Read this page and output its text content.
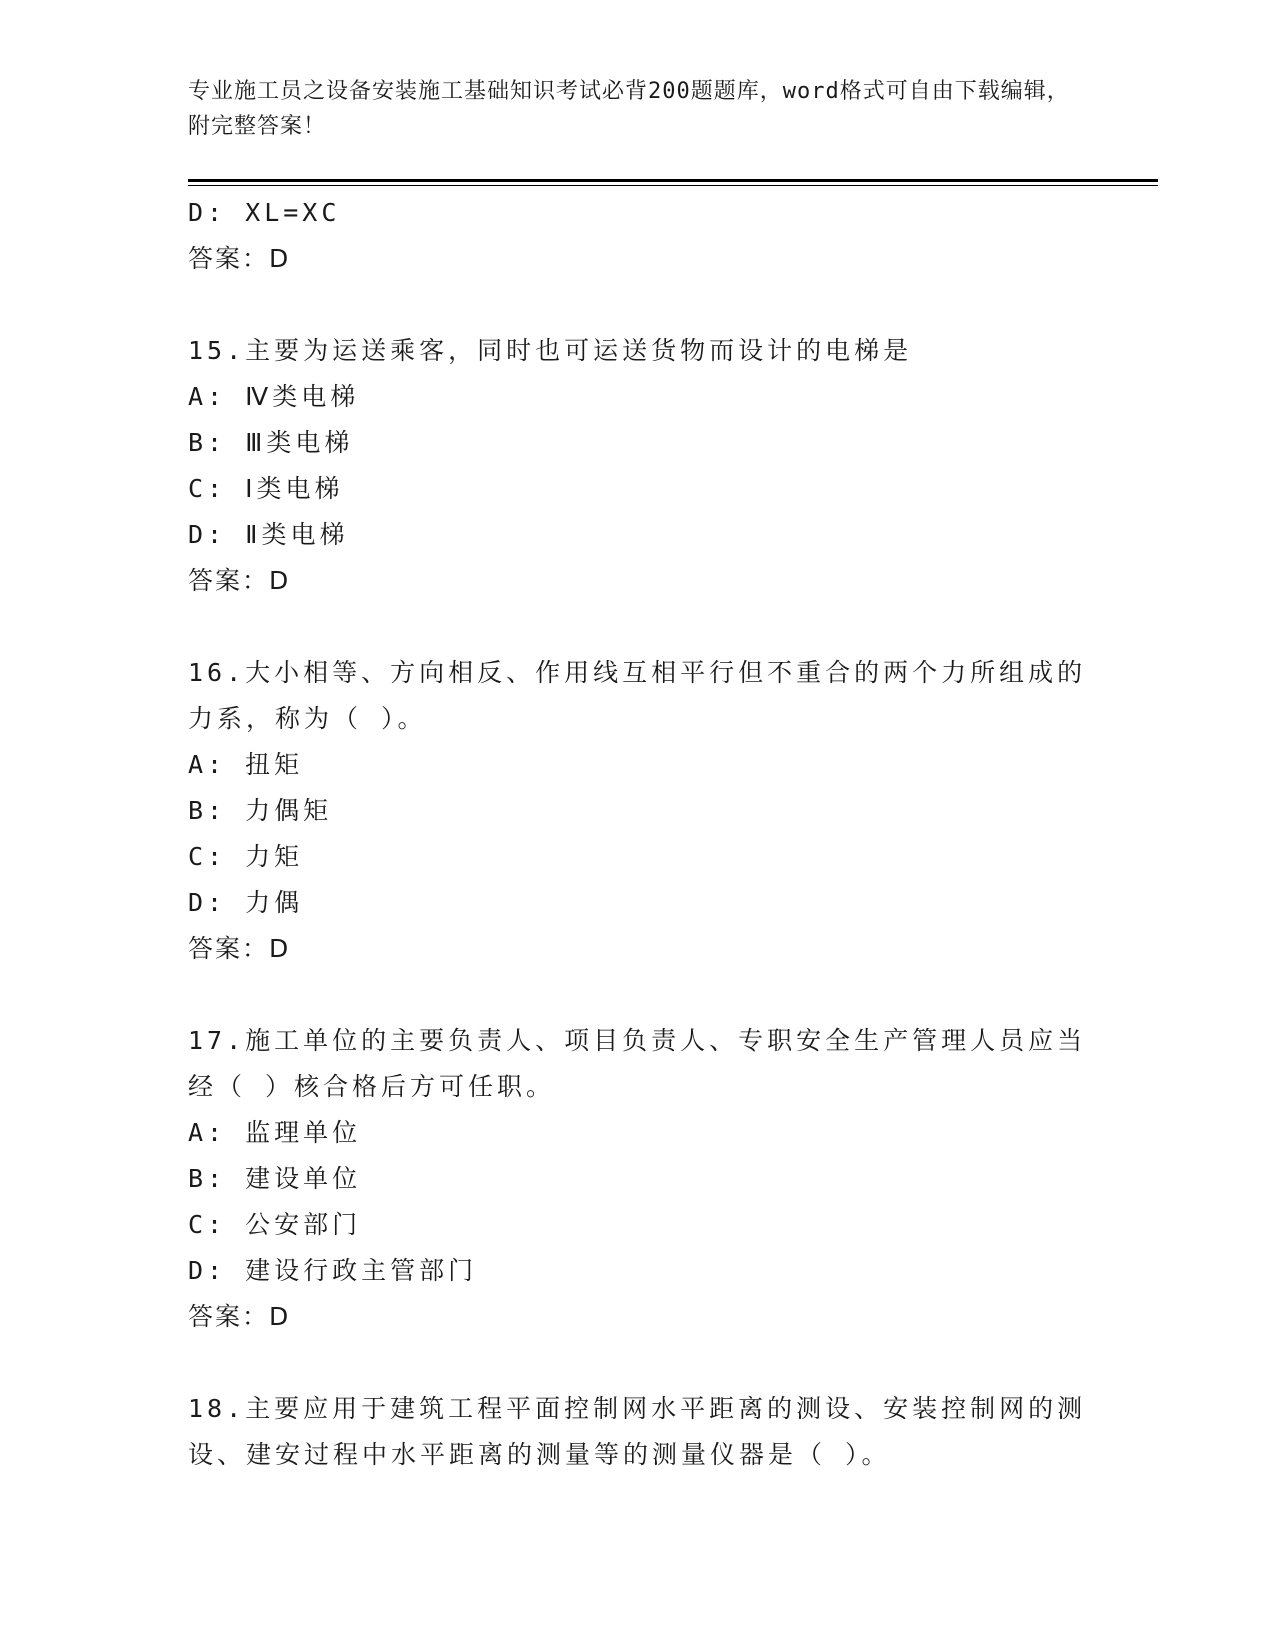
专业施工员之设备安装施工基础知识考试必背200题题库，word格式可自由下载编辑，附完整答案！
D: XL=XC
答案：D
15.主要为运送乘客，同时也可运送货物而设计的电梯是
A: Ⅳ类电梯
B: Ⅲ类电梯
C: Ⅰ类电梯
D: Ⅱ类电梯
答案：D
16.大小相等、方向相反、作用线互相平行但不重合的两个力所组成的力系，称为（ ）。
A: 扭矩
B: 力偶矩
C: 力矩
D: 力偶
答案：D
17.施工单位的主要负责人、项目负责人、专职安全生产管理人员应当经（ ）核合格后方可任职。
A: 监理单位
B: 建设单位
C: 公安部门
D: 建设行政主管部门
答案：D
18.主要应用于建筑工程平面控制网水平距离的测设、安装控制网的测设、建安过程中水平距离的测量等的测量仪器是（ ）。
